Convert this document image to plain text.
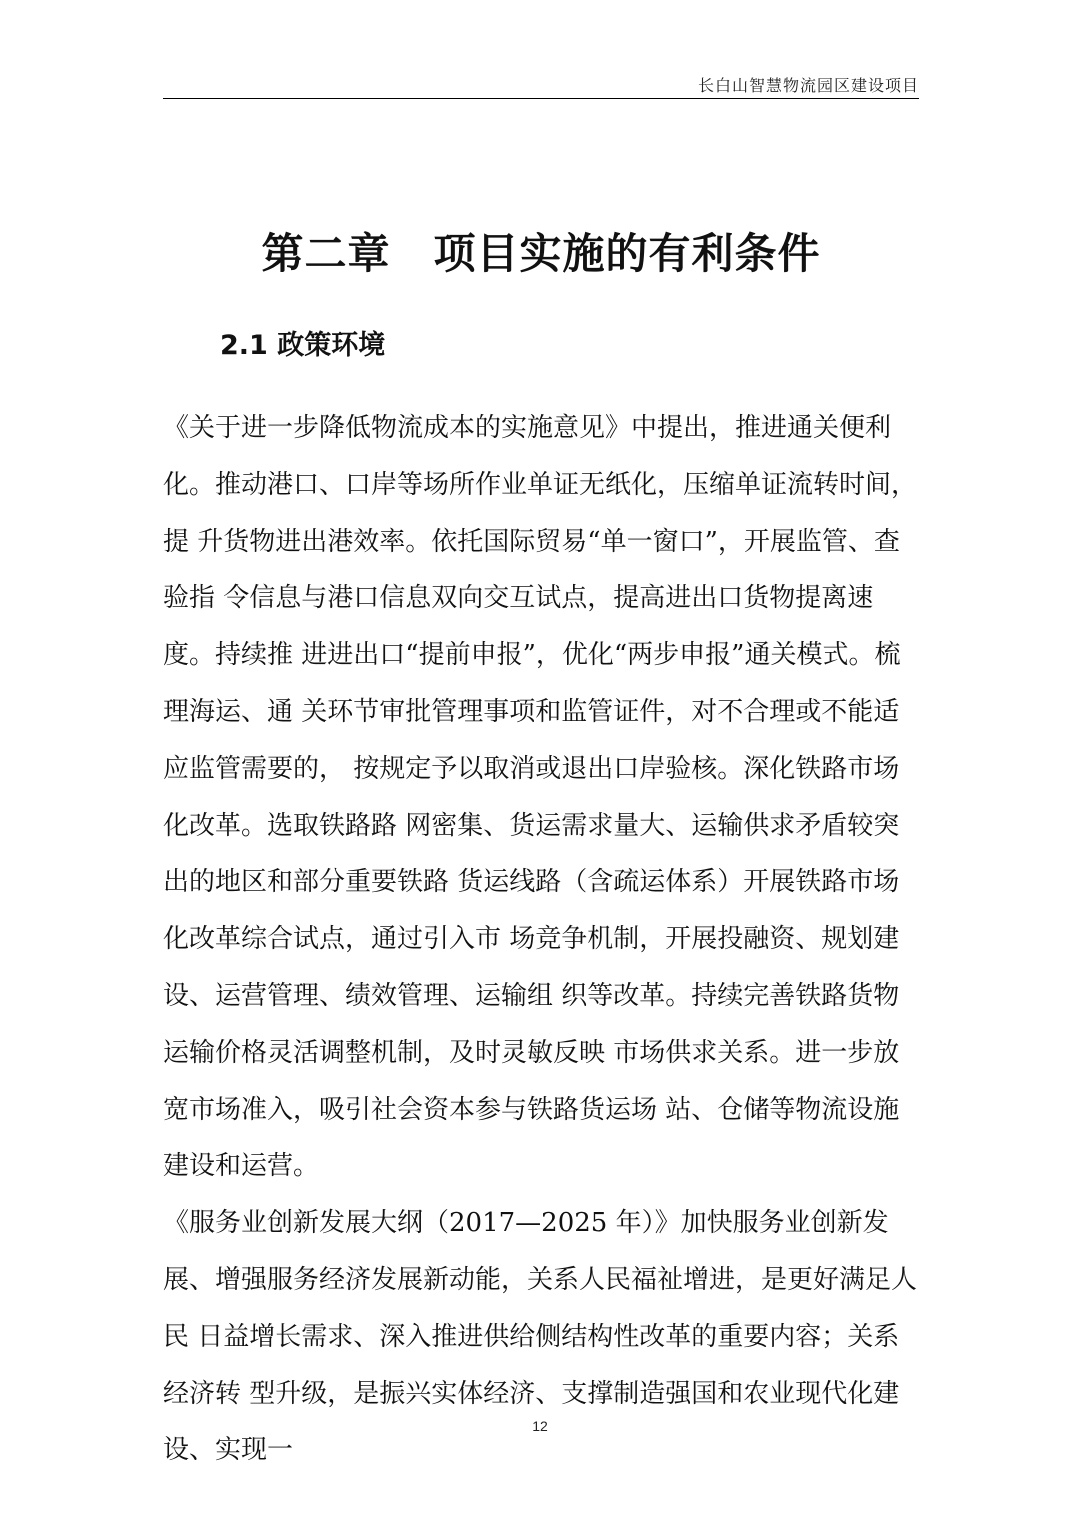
长白山智慧物流园区建设项目
第二章　项目实施的有利条件
2.1 政策环境
《关于进一步降低物流成本的实施意见》中提出，推进通关便利 化。推动港口、口岸等场所作业单证无纸化，压缩单证流转时间，提 升货物进出港效率。依托国际贸易“单一窗口”，开展监管、查验指 令信息与港口信息双向交互试点，提高进出口货物提离速度。持续推 进进出口“提前申报”，优化“两步申报”通关模式。梳理海运、通 关环节审批管理事项和监管证件，对不合理或不能适应监管需要的， 按规定予以取消或退出口岸验核。深化铁路市场化改革。选取铁路路 网密集、货运需求量大、运输供求矛盾较突出的地区和部分重要铁路 货运线路（含疏运体系）开展铁路市场化改革综合试点，通过引入市 场竞争机制，开展投融资、规划建设、运营管理、绩效管理、运输组 织等改革。持续完善铁路货物运输价格灵活调整机制，及时灵敏反映 市场供求关系。进一步放宽市场准入，吸引社会资本参与铁路货运场 站、仓储等物流设施建设和运营。
《服务业创新发展大纲（2017—2025 年）》加快服务业创新发 展、增强服务经济发展新动能，关系人民福祉增进，是更好满足人民 日益增长需求、深入推进供给侧结构性改革的重要内容；关系经济转 型升级，是振兴实体经济、支撑制造强国和农业现代化建设、实现一
12
